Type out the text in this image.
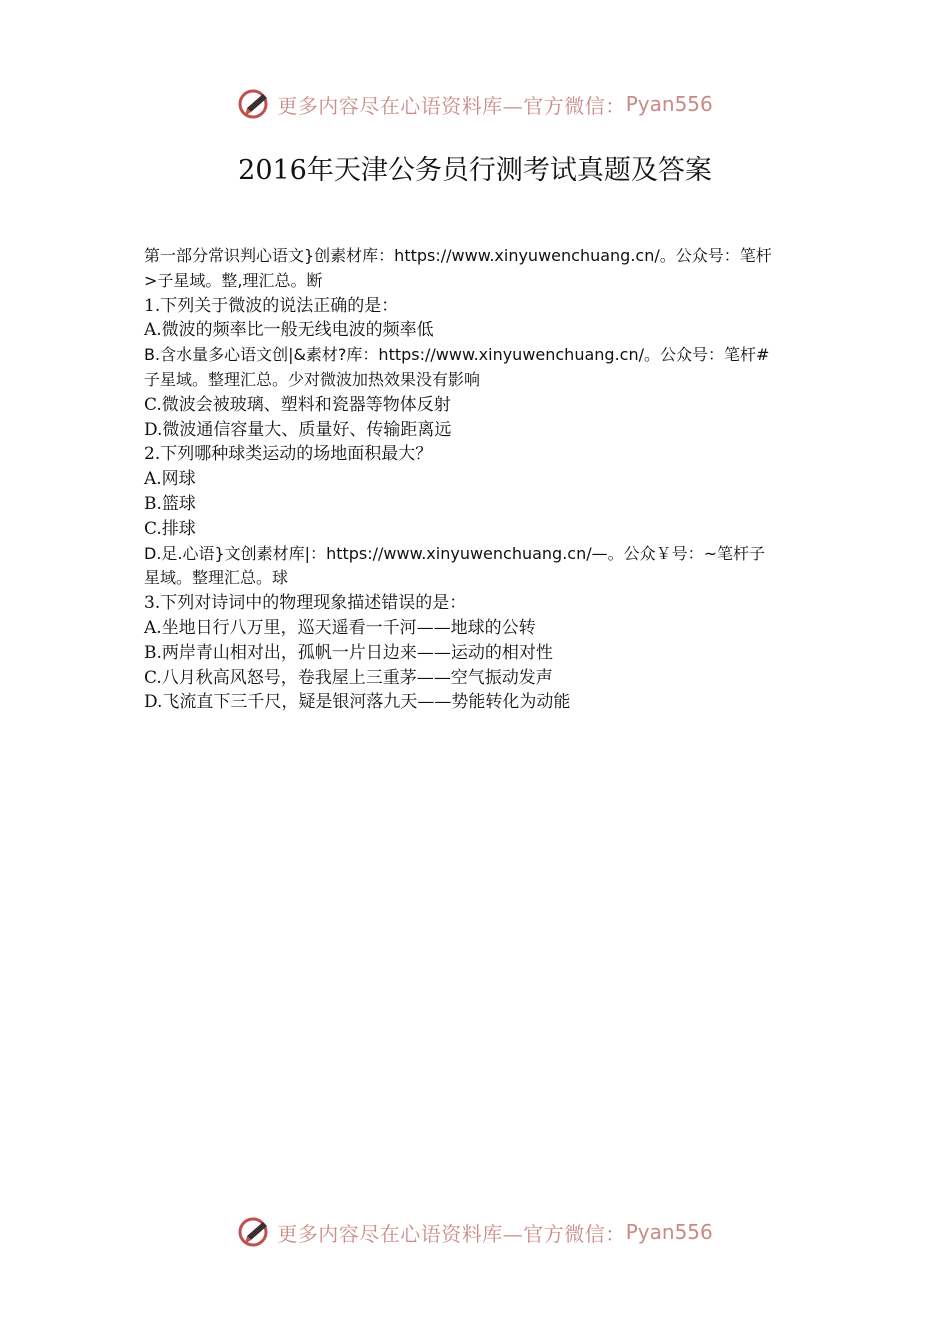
更多内容尽在心语资料库—官方微信： Pyan556
2016年天津公务员行测考试真题及答案
第一部分常识判心语文}创素材库：https://www.xinyuwenchuang.cn/。公众号：笔杆
>子星域。整,理汇总。断
1.下列关于微波的说法正确的是：
A.微波的频率比一般无线电波的频率低
B.含水量多心语文创|&素材?库：https://www.xinyuwenchuang.cn/。公众号：笔杆#
子星域。整理汇总。少对微波加热效果没有影响
C.微波会被玻璃、塑料和瓷器等物体反射
D.微波通信容量大、质量好、传输距离远
2.下列哪种球类运动的场地面积最大？
A.网球
B.篮球
C.排球
D.足.心语}文创素材库|：https://www.xinyuwenchuang.cn/—。公众￥号：~笔杆子
星域。整理汇总。球
3.下列对诗词中的物理现象描述错误的是：
A.坐地日行八万里，巡天遥看一千河——地球的公转
B.两岸青山相对出，孤帆一片日边来——运动的相对性
C.八月秋高风怒号，卷我屋上三重茅——空气振动发声
D.飞流直下三千尺，疑是银河落九天——势能转化为动能
更多内容尽在心语资料库—官方微信： Pyan556
